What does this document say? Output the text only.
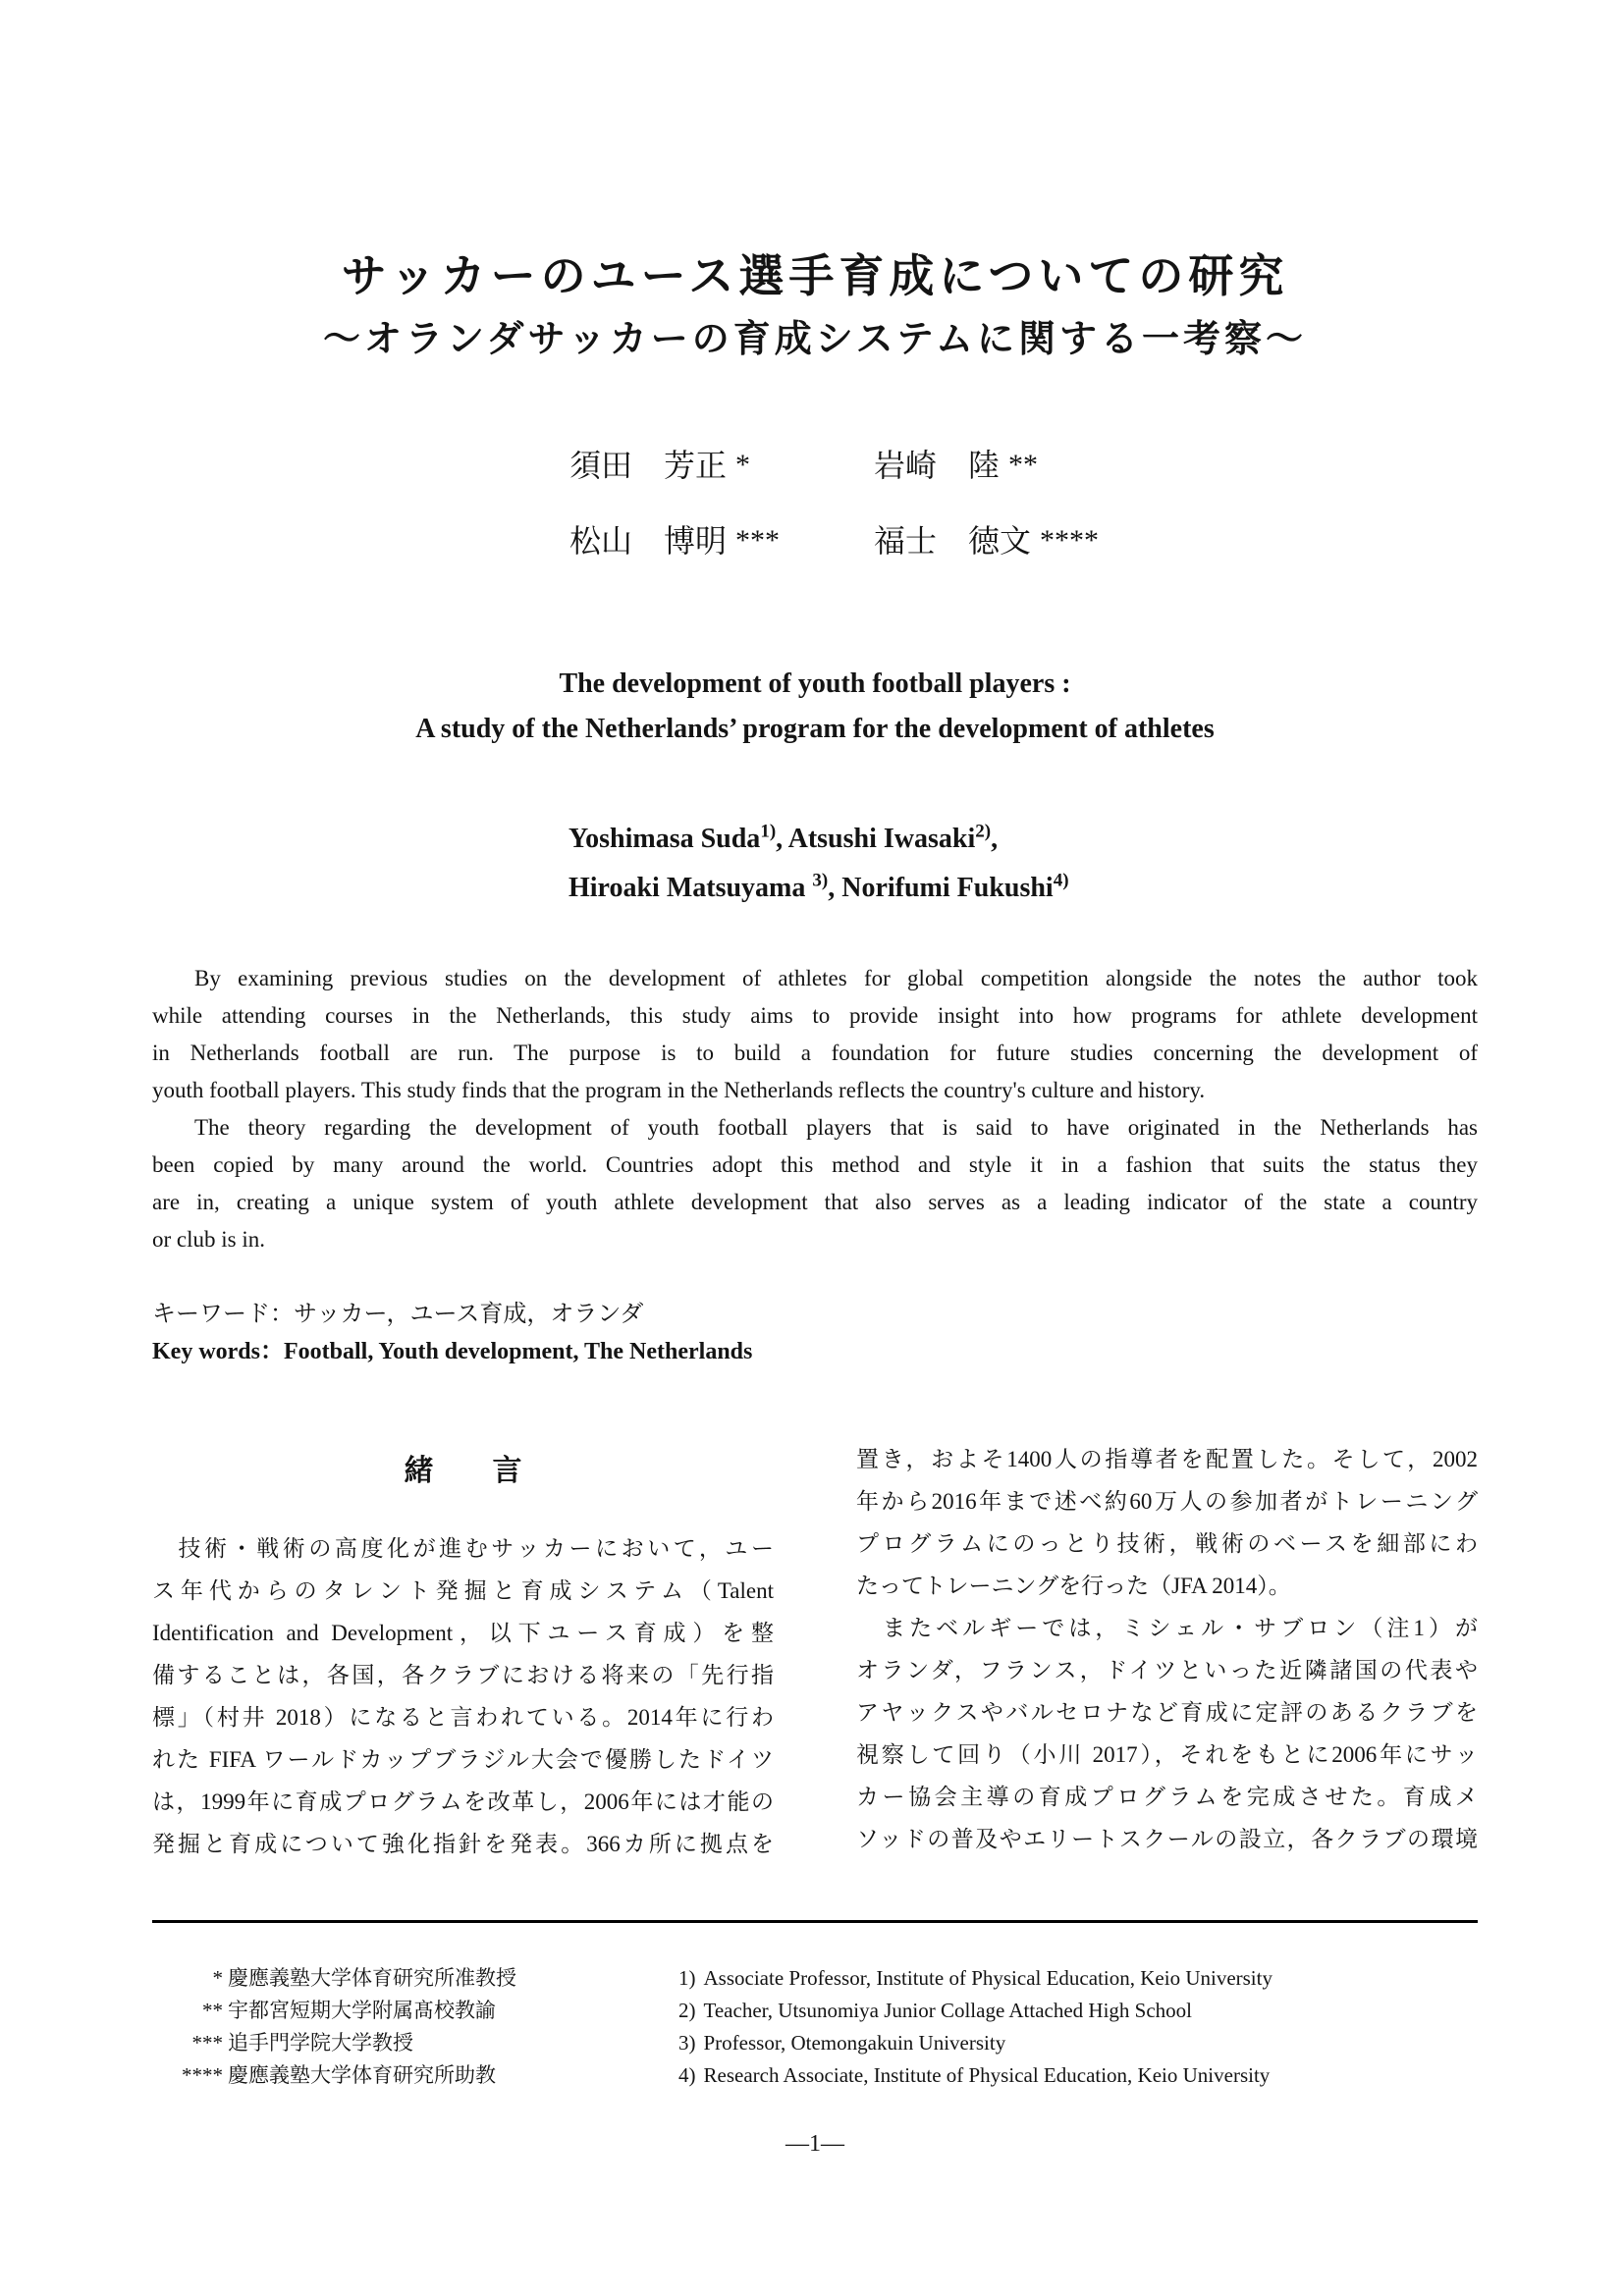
サッカーのユース選手育成についての研究
～オランダサッカーの育成システムに関する一考察～
須田　芳正 *	岩崎　陸 **
松山　博明 ***	福士　徳文 ****
The development of youth football players :
A study of the Netherlands’ program for the development of athletes
Yoshimasa Suda$^{1)}$, Atsushi Iwasaki$^{2)}$,
Hiroaki Matsuyama $^{3)}$, Norifumi Fukushi$^{4)}$
By examining previous studies on the development of athletes for global competition alongside the notes the author took
while attending courses in the Netherlands, this study aims to provide insight into how programs for athlete development
in Netherlands football are run. The purpose is to build a foundation for future studies concerning the development of
youth football players. This study finds that the program in the Netherlands reflects the country's culture and history.
The theory regarding the development of youth football players that is said to have originated in the Netherlands has
been copied by many around the world. Countries adopt this method and style it in a fashion that suits the status they
are in, creating a unique system of youth athlete development that also serves as a leading indicator of the state a country
or club is in.
キーワード：サッカー，ユース育成，オランダ
Key words：Football, Youth development, The Netherlands
緒　　言
　技術・戦術の高度化が進むサッカーにおいて，ユー
ス年代からのタレント発掘と育成システム（Talent
Identification and Development，以下ユース育成）を整
備することは，各国，各クラブにおける将来の「先行指
標」（村井 2018）になると言われている。2014年に行わ
れた FIFA ワールドカップブラジル大会で優勝したドイツ
は，1999年に育成プログラムを改革し，2006年には才能の
発掘と育成について強化指針を発表。366カ所に拠点を
置き，およそ1400人の指導者を配置した。そして，2002
年から2016年まで述べ約60万人の参加者がトレーニング
プログラムにのっとり技術，戦術のベースを細部にわ
たってトレーニングを行った（JFA 2014）。
　またベルギーでは，ミシェル・サブロン（注1）が
オランダ，フランス，ドイツといった近隣諸国の代表や
アヤックスやバルセロナなど育成に定評のあるクラブを
視察して回り（小川 2017），それをもとに2006年にサッ
カー協会主導の育成プログラムを完成させた。育成メ
ソッドの普及やエリートスクールの設立，各クラブの環境
* 慶應義塾大学体育研究所准教授
** 宇都宮短期大学附属髙校教諭
*** 追手門学院大学教授
**** 慶應義塾大学体育研究所助教
1) Associate Professor, Institute of Physical Education, Keio University
2) Teacher, Utsunomiya Junior Collage Attached High School
3) Professor, Otemongakuin University
4) Research Associate, Institute of Physical Education, Keio University
―1―
